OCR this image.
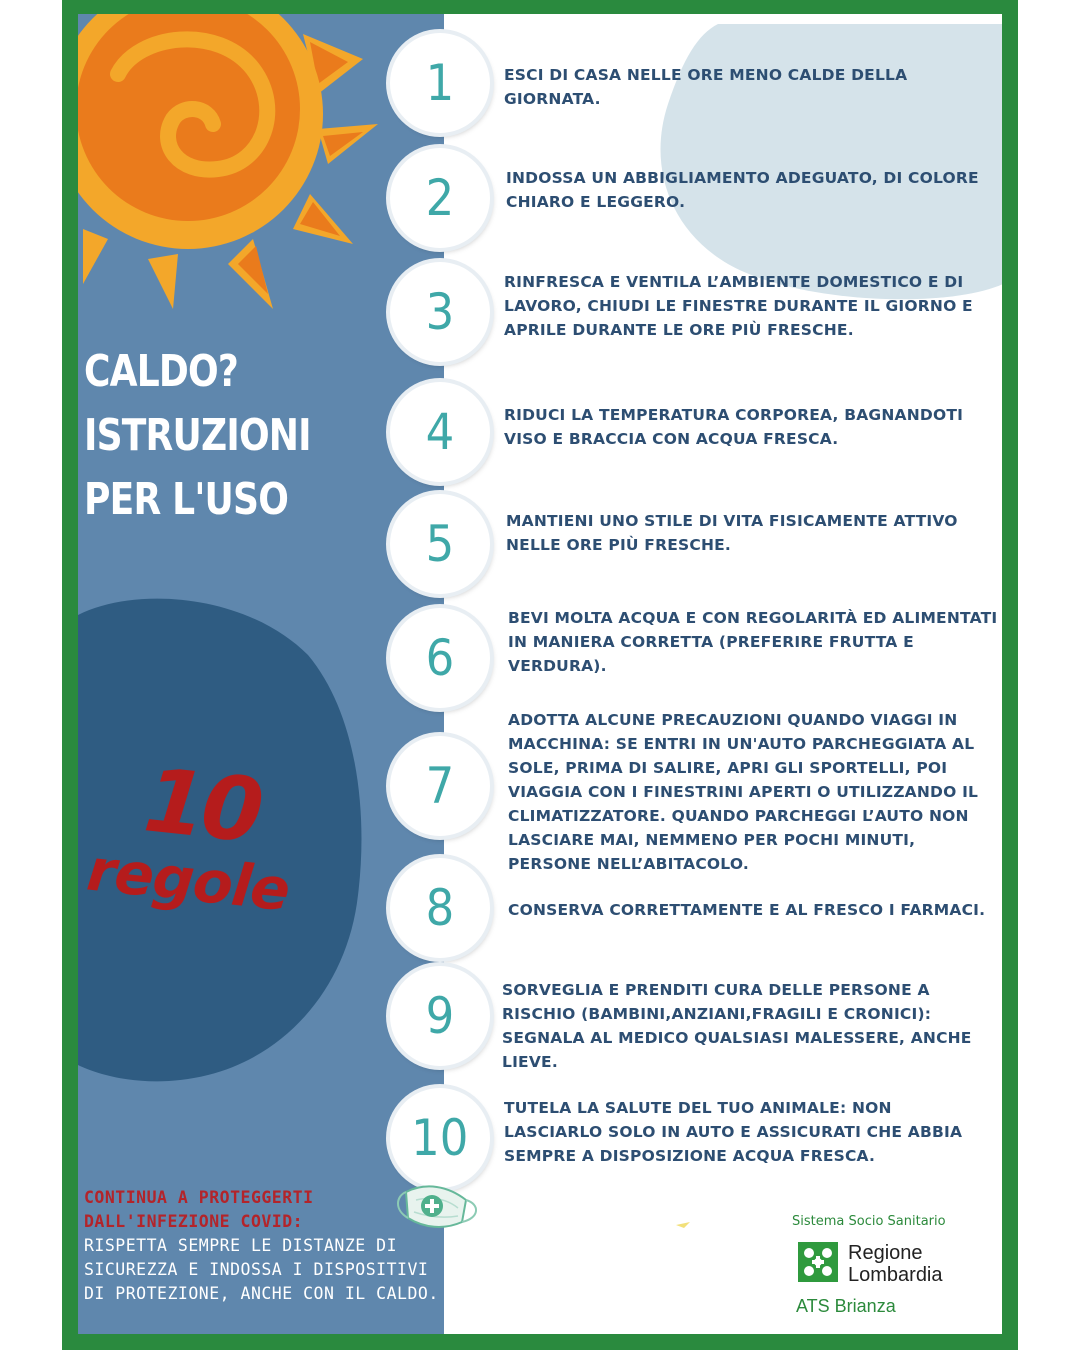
CALDO?
ISTRUZIONI
PER L'USO
10
regole
1	ESCI DI CASA NELLE ORE MENO CALDE DELLA GIORNATA.
2	INDOSSA UN ABBIGLIAMENTO ADEGUATO, DI COLORE CHIARO E LEGGERO.
3
RINFRESCA E VENTILA L’AMBIENTE DOMESTICO E DI LAVORO, CHIUDI LE FINESTRE DURANTE IL GIORNO E APRILE DURANTE LE ORE PIÙ FRESCHE.
4	RIDUCI LA TEMPERATURA CORPOREA, BAGNANDOTI VISO E BRACCIA CON ACQUA FRESCA.
5	MANTIENI UNO STILE DI VITA FISICAMENTE ATTIVO NELLE ORE PIÙ FRESCHE.
6
BEVI MOLTA ACQUA E CON REGOLARITÀ ED ALIMENTATI IN MANIERA CORRETTA (PREFERIRE FRUTTA E VERDURA).
7
ADOTTA ALCUNE PRECAUZIONI QUANDO VIAGGI IN MACCHINA: SE ENTRI IN UN'AUTO PARCHEGGIATA AL SOLE, PRIMA DI SALIRE, APRI GLI SPORTELLI, POI VIAGGIA CON I FINESTRINI APERTI O UTILIZZANDO IL CLIMATIZZATORE. QUANDO PARCHEGGI L’AUTO NON LASCIARE MAI, NEMMENO PER POCHI MINUTI, PERSONE NELL’ABITACOLO.
8	CONSERVA CORRETTAMENTE E AL FRESCO I FARMACI.
9	SORVEGLIA E PRENDITI CURA DELLE PERSONE A RISCHIO (BAMBINI,ANZIANI,FRAGILI E CRONICI): SEGNALA AL MEDICO QUALSIASI MALESSERE, ANCHE LIEVE.
10
TUTELA LA SALUTE DEL TUO ANIMALE: NON LASCIARLO SOLO IN AUTO E ASSICURATI CHE ABBIA SEMPRE A DISPOSIZIONE ACQUA FRESCA.
CONTINUA A PROTEGGERTI DALL'INFEZIONE COVID:
RISPETTA SEMPRE LE DISTANZE DI SICUREZZA E INDOSSA I DISPOSITIVI DI PROTEZIONE, ANCHE CON IL CALDO.
Sistema Socio Sanitario
Regione
Lombardia
ATS Brianza
